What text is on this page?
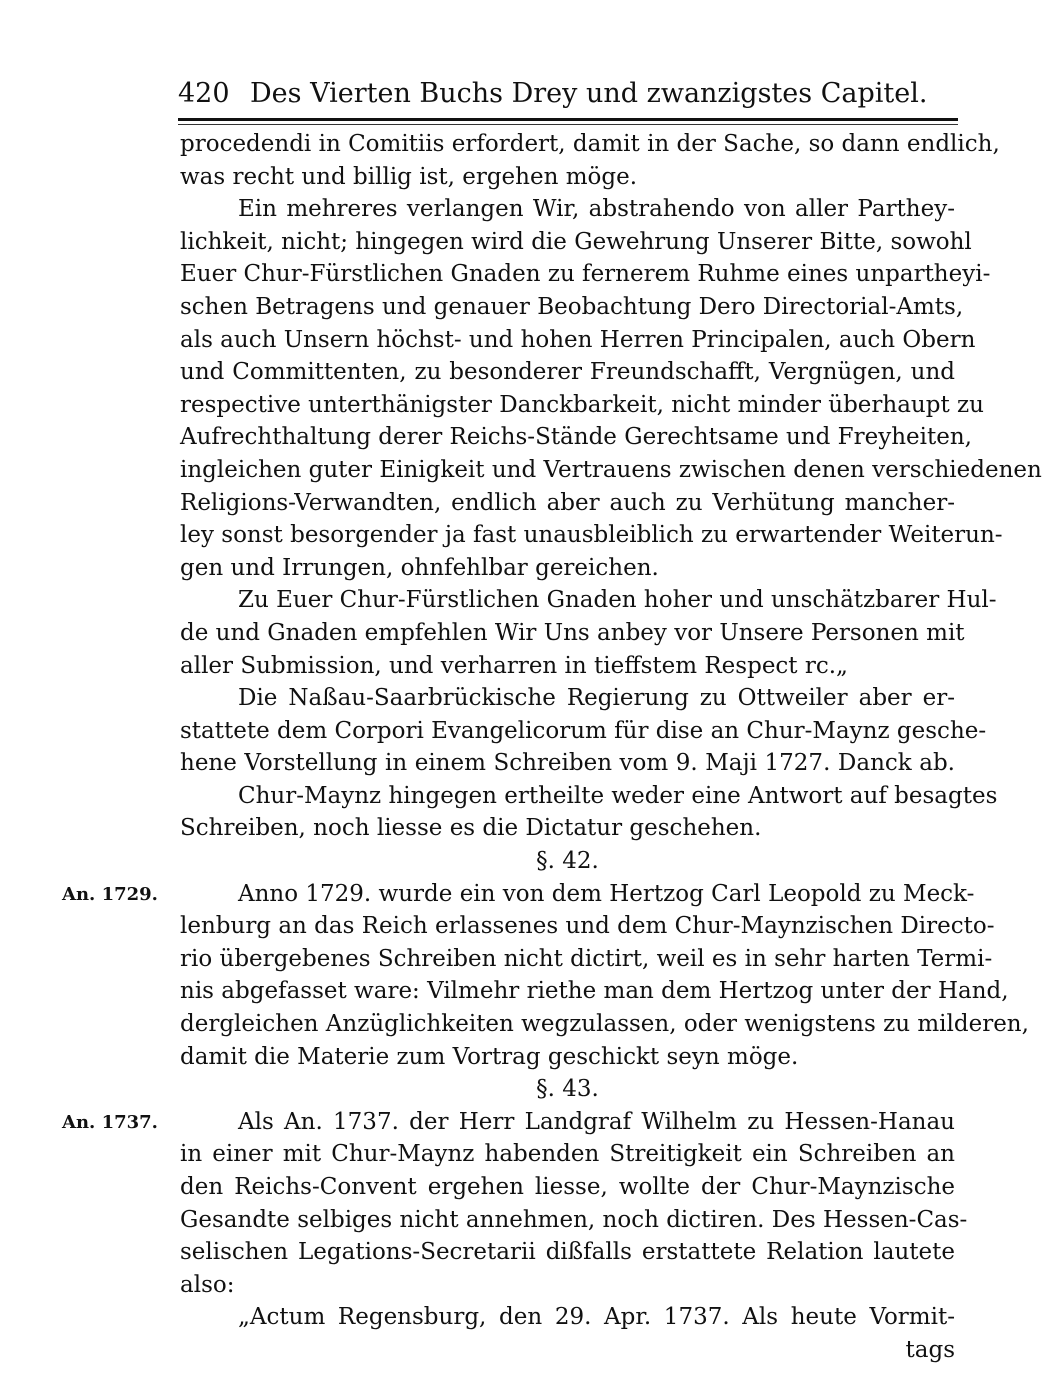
420 Des Vierten Buchs Drey und zwanzigstes Capitel.
procedendi in Comitiis erfordert, damit in der Sache, so dann endlich,
was recht und billig ist, ergehen möge.
Ein mehreres verlangen Wir, abstrahendo von aller Parthey-
lichkeit, nicht; hingegen wird die Gewehrung Unserer Bitte, sowohl
Euer Chur-Fürstlichen Gnaden zu fernerem Ruhme eines unpartheyi-
schen Betragens und genauer Beobachtung Dero Directorial-Amts,
als auch Unsern höchst- und hohen Herren Principalen, auch Obern
und Committenten, zu besonderer Freundschafft, Vergnügen, und
respective unterthänigster Danckbarkeit, nicht minder überhaupt zu
Aufrechthaltung derer Reichs-Stände Gerechtsame und Freyheiten,
ingleichen guter Einigkeit und Vertrauens zwischen denen verschiedenen
Religions-Verwandten, endlich aber auch zu Verhütung mancher-
ley sonst besorgender ja fast unausbleiblich zu erwartender Weiterun-
gen und Irrungen, ohnfehlbar gereichen.
Zu Euer Chur-Fürstlichen Gnaden hoher und unschätzbarer Hul-
de und Gnaden empfehlen Wir Uns anbey vor Unsere Personen mit
aller Submission, und verharren in tieffstem Respect rc.„
Die Naßau-Saarbrückische Regierung zu Ottweiler aber er-
stattete dem Corpori Evangelicorum für dise an Chur-Maynz gesche-
hene Vorstellung in einem Schreiben vom 9. Maji 1727. Danck ab.
Chur-Maynz hingegen ertheilte weder eine Antwort auf besagtes
Schreiben, noch liesse es die Dictatur geschehen.
§. 42.
Anno 1729. wurde ein von dem Hertzog Carl Leopold zu Meck-
lenburg an das Reich erlassenes und dem Chur-Maynzischen Directo-
rio übergebenes Schreiben nicht dictirt, weil es in sehr harten Termi-
nis abgefasset ware: Vilmehr riethe man dem Hertzog unter der Hand,
dergleichen Anzüglichkeiten wegzulassen, oder wenigstens zu milderen,
damit die Materie zum Vortrag geschickt seyn möge.
§. 43.
Als An. 1737. der Herr Landgraf Wilhelm zu Hessen-Hanau
in einer mit Chur-Maynz habenden Streitigkeit ein Schreiben an
den Reichs-Convent ergehen liesse, wollte der Chur-Maynzische
Gesandte selbiges nicht annehmen, noch dictiren. Des Hessen-Cas-
selischen Legations-Secretarii dißfalls erstattete Relation lautete
also:
„Actum Regensburg, den 29. Apr. 1737. Als heute Vormit-
tags
An. 1729.
An. 1737.
